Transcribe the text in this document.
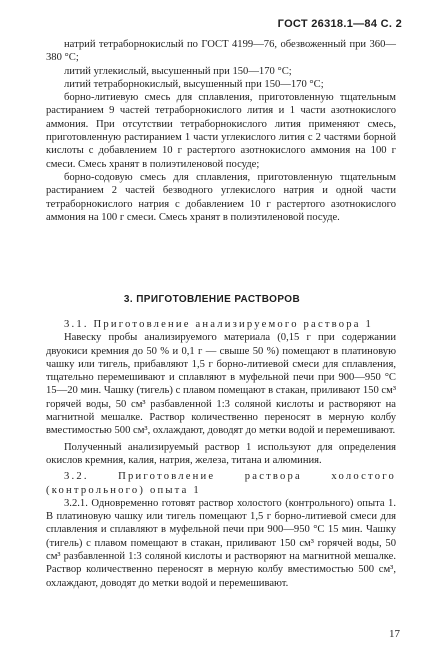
ГОСТ 26318.1—84 С. 2

натрий тетраборнокислый по ГОСТ 4199—76, обезвоженный при 360— 380 °С;

литий углекислый, высушенный при 150—170 °С;

литий тетраборнокислый, высушенный при 150—170 °С;

борно-литиевую смесь для сплавления, приготовленную тщательным растиранием 9 частей тетраборнокислого лития и 1 части азотнокислого аммония. При отсутствии тетраборнокислого лития применяют смесь, приготовленную растиранием 1 части углекислого лития с 2 частями борной кислоты с добавлением 10 г растертого азотнокислого аммония на 100 г смеси. Смесь хранят в полиэтиленовой посуде;

борно-содовую смесь для сплавления, приготовленную тщательным растиранием 2 частей безводного углекислого натрия и одной части тетраборнокислого натрия с добавлением 10 г растертого азотнокислого аммония на 100 г смеси. Смесь хранят в полиэтиленовой посуде.

3. ПРИГОТОВЛЕНИЕ РАСТВОРОВ

3.1. Приготовление анализируемого раствора 1

Навеску пробы анализируемого материала (0,15 г при содержании двуокиси кремния до 50 % и 0,1 г — свыше 50 %) помещают в платиновую чашку или тигель, прибавляют 1,5 г борно-литиевой смеси для сплавления, тщательно перемешивают и сплавляют в муфельной печи при 900—950 °С 15—20 мин. Чашку (тигель) с плавом помещают в стакан, приливают 150 см³ горячей воды, 50 см³ разбавленной 1:3 соляной кислоты и растворяют на магнитной мешалке. Раствор количественно переносят в мерную колбу вместимостью 500 см³, охлаждают, доводят до метки водой и перемешивают.

Полученный анализируемый раствор 1 используют для определения окислов кремния, калия, натрия, железа, титана и алюминия.

3.2. Приготовление раствора холостого (контрольного) опыта 1

3.2.1. Одновременно готовят раствор холостого (контрольного) опыта 1. В платиновую чашку или тигель помещают 1,5 г борно-литиевой смеси для сплавления и сплавляют в муфельной печи при 900—950 °С 15 мин. Чашку (тигель) с плавом помещают в стакан, приливают 150 см³ горячей воды, 50 см³ разбавленной 1:3 соляной кислоты и растворяют на магнитной мешалке. Раствор количественно переносят в мерную колбу вместимостью 500 см³, охлаждают, доводят до метки водой и перемешивают.

17
